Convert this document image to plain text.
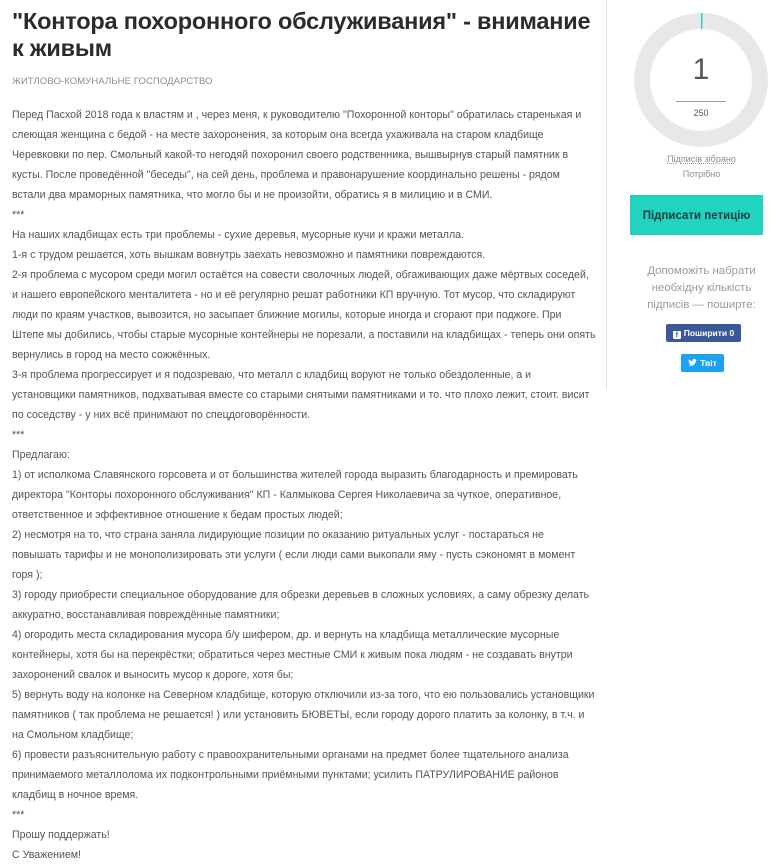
"Контора похоронного обслуживания" - внимание к живым
ЖИТЛОВО-КОМУНАЛЬНЕ ГОСПОДАРСТВО

Перед Пасхой 2018 года к властям и , через меня, к руководителю "Похоронной конторы" обратилась старенькая и слеющая женщина с бедой - на месте захоронения, за которым она всегда ухаживала на старом кладбище Черевковки по пер. Смольный какой-то негодяй похоронил своего родственника, вышвырнув старый памятник в кусты. После проведённой "беседы", на сей день, проблема и правонарушение координально решены - рядом встали два мраморных памятника, что могло бы и не произойти, обратись я в милицию и в СМИ.

***

На наших кладбищах есть три проблемы - сухие деревья, мусорные кучи и кражи металла.

1-я с трудом решается, хоть вышкам вовнутрь заехать невозможно и памятники повреждаются.

2-я проблема с мусором среди могил остаётся на совести сволочных людей, обгаживающих даже мёртвых соседей, и нашего европейского менталитета - но и её регулярно решат работники КП вручную. Тот мусор, что складируют люди по краям участков, вывозится, но засыпает ближние могилы, которые иногда и сгорают при поджоге. При Штепе мы добились, чтобы старые мусорные контейнеры не порезали, а поставили на кладбищах - теперь они опять вернулись в город на место сожжённых.

3-я проблема прогрессирует и я подозреваю, что металл с кладбищ воруют не только обездоленные, а и установщики памятников, подхватывая вместе со старыми снятыми памятниками и то. что плохо лежит, стоит. висит по соседству - у них всё принимают по спецдоговорённости.

***

Предлагаю:

1) от исполкома Славянского горсовета и от большинства жителей города выразить благодарность и премировать директора "Конторы похоронного обслуживания" КП - Калмыкова Сергея Николаевича за чуткое, оперативное, ответственное и эффективное отношение к бедам простых людей;

2) несмотря на то, что страна заняла лидирующие позиции по оказанию ритуальных услуг - постараться не повышать тарифы и не монополизировать эти услуги ( если люди сами выкопали яму - пусть сэкономят в момент горя );

3) городу приобрести специальное оборудование для обрезки деревьев в сложных условиях, а саму обрезку делать аккуратно, восстанавливая повреждённые памятники;

4) огородить места складирования мусора б/у шифером, др. и вернуть на кладбища металлические мусорные контейнеры, хотя бы на перекрёстки; обратиться через местные СМИ к живым пока людям - не создавать внутри захоронений свалок и выносить мусор к дороге, хотя бы;

5) вернуть воду на колонке на Северном кладбище, которую отключили из-за того, что ею пользовались установщики памятников ( так проблема не решается! ) или установить БЮВЕТЫ, если городу дорого платить за колонку, в т.ч. и на Смольном кладбище;

6) провести разъяснительную работу с правоохранительными органами на предмет более тщательного анализа принимаемого металлолома их подконтрольными приёмными пунктами; усилить ПАТРУЛИРОВАНИЕ районов кладбищ в ночное время.

***

Прошу поддержать!

С Уважением!

1
250
Підписів зібрано
Потрібно
Підписати петицію
Допоможіть набрати необхідну кількість підписів — поширте:
f Поширити 0
Твіт
